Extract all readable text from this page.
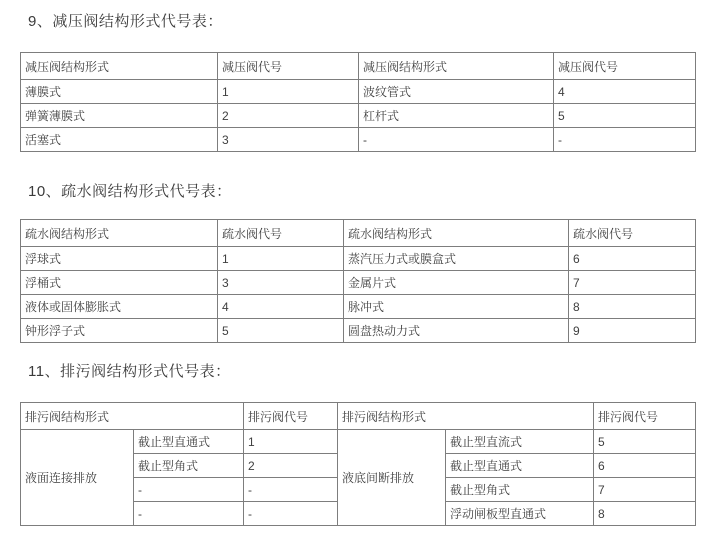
9、减压阀结构形式代号表：

减压阀结构形式	减压阀代号	减压阀结构形式	减压阀代号
薄膜式	1	波纹管式	4
弹簧薄膜式	2	杠杆式	5
活塞式	3	-	-

10、疏水阀结构形式代号表：

疏水阀结构形式	疏水阀代号	疏水阀结构形式	疏水阀代号
浮球式	1	蒸汽压力式或膜盒式	6
浮桶式	3	金属片式	7
液体或固体膨胀式	4	脉冲式	8
钟形浮子式	5	圆盘热动力式	9

11、排污阀结构形式代号表：

排污阀结构形式		排污阀代号	排污阀结构形式		排污阀代号
液面连接排放	截止型直通式	1	液底间断排放	截止型直流式	5
	截止型角式	2		截止型直通式	6
	-	-		截止型角式	7
	-	-		浮动闸板型直通式	8
